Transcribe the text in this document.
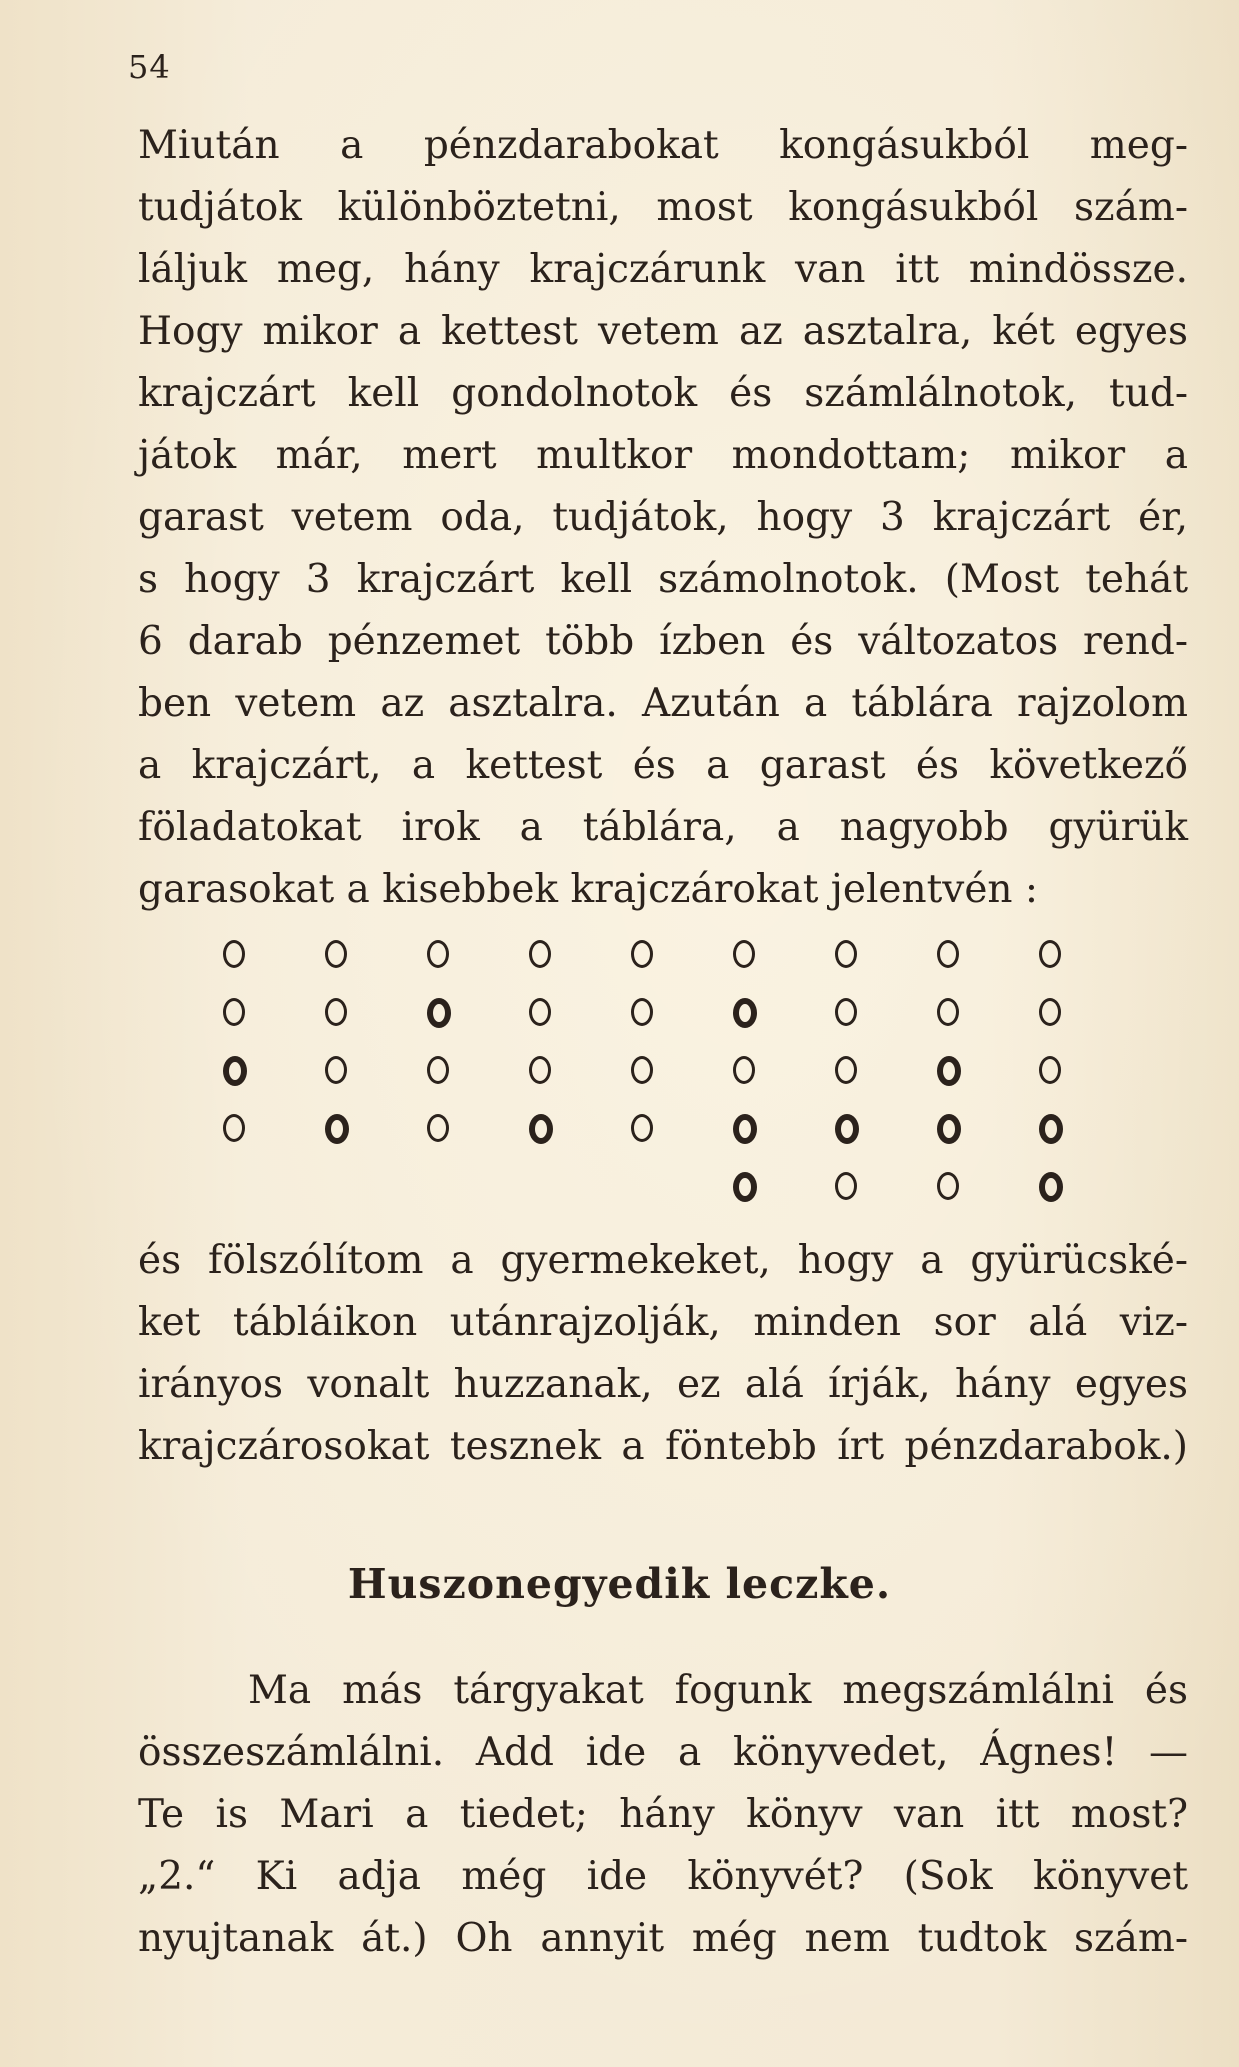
54
Miután a pénzdarabokat kongásukból meg-
tudjátok különböztetni, most kongásukból szám-
láljuk meg, hány krajczárunk van itt mindössze.
Hogy mikor a kettest vetem az asztalra, két egyes
krajczárt kell gondolnotok és számlálnotok, tud-
játok már, mert multkor mondottam; mikor a
garast vetem oda, tudjátok, hogy 3 krajczárt ér,
s hogy 3 krajczárt kell számolnotok. (Most tehát
6 darab pénzemet több ízben és változatos rend-
ben vetem az asztalra. Azután a táblára rajzolom
a krajczárt, a kettest és a garast és következő
föladatokat irok a táblára, a nagyobb gyürük
garasokat a kisebbek krajczárokat jelentvén :
és fölszólítom a gyermekeket, hogy a gyürücské-
ket tábláikon utánrajzolják, minden sor alá viz-
irányos vonalt huzzanak, ez alá írják, hány egyes
krajczárosokat tesznek a föntebb írt pénzdarabok.)
Huszonegyedik leczke.
Ma más tárgyakat fogunk megszámlálni és
összeszámlálni. Add ide a könyvedet, Ágnes! —
Te is Mari a tiedet; hány könyv van itt most?
„2.“ Ki adja még ide könyvét? (Sok könyvet
nyujtanak át.) Oh annyit még nem tudtok szám-
